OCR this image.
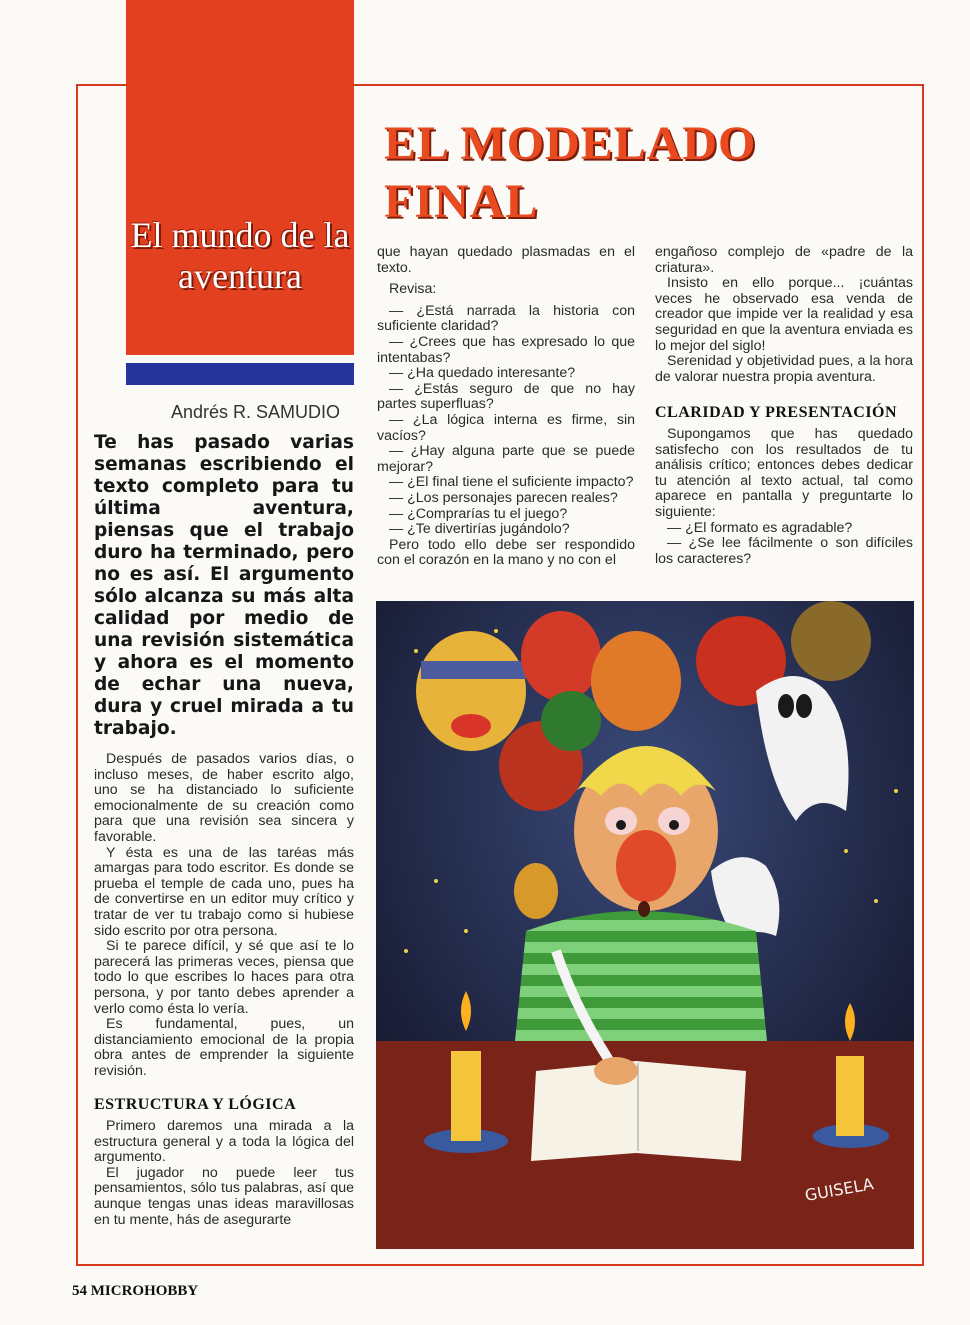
El mundo de la aventura
EL MODELADO
FINAL
Andrés R. SAMUDIO
Te has pasado varias semanas escribiendo el texto completo para tu última aventura, piensas que el trabajo duro ha terminado, pero no es así. El argumento sólo alcanza su más alta calidad por medio de una revisión sistemática y ahora es el momento de echar una nueva, dura y cruel mirada a tu trabajo.

Después de pasados varios días, o incluso meses, de haber escrito algo, uno se ha distanciado lo suficiente emocionalmente de su creación como para que una revisión sea sincera y favorable.

Y ésta es una de las taréas más amargas para todo escritor. Es donde se prueba el temple de cada uno, pues ha de convertirse en un editor muy crítico y tratar de ver tu trabajo como si hubiese sido escrito por otra persona.

Si te parece difícil, y sé que así te lo parecerá las primeras veces, piensa que todo lo que escribes lo haces para otra persona, y por tanto debes aprender a verlo como ésta lo vería.

Es fundamental, pues, un distanciamiento emocional de la propia obra antes de emprender la siguiente revisión.

ESTRUCTURA Y LÓGICA

Primero daremos una mirada a la estructura general y a toda la lógica del argumento.

El jugador no puede leer tus pensamientos, sólo tus palabras, así que aunque tengas unas ideas maravillosas en tu mente, hás de asegurarte

que hayan quedado plasmadas en el texto.

Revisa:

— ¿Está narrada la historia con suficiente claridad?

— ¿Crees que has expresado lo que intentabas?

— ¿Ha quedado interesante?

— ¿Estás seguro de que no hay partes superfluas?

— ¿La lógica interna es firme, sin vacíos?

— ¿Hay alguna parte que se puede mejorar?

— ¿El final tiene el suficiente impacto?

— ¿Los personajes parecen reales?

— ¿Comprarías tu el juego?

— ¿Te divertirías jugándolo?

Pero todo ello debe ser respondido con el corazón en la mano y no con el

engañoso complejo de «padre de la criatura».

Insisto en ello porque... ¡cuántas veces he observado esa venda de creador que impide ver la realidad y esa seguridad en que la aventura enviada es lo mejor del siglo!

Serenidad y objetividad pues, a la hora de valorar nuestra propia aventura.

CLARIDAD Y PRESENTACIÓN

Supongamos que has quedado satisfecho con los resultados de tu análisis crítico; entonces debes dedicar tu atención al texto actual, tal como aparece en pantalla y preguntarte lo siguiente:

— ¿El formato es agradable?

— ¿Se lee fácilmente o son difíciles los caracteres?

GUISELA
54 MICROHOBBY
